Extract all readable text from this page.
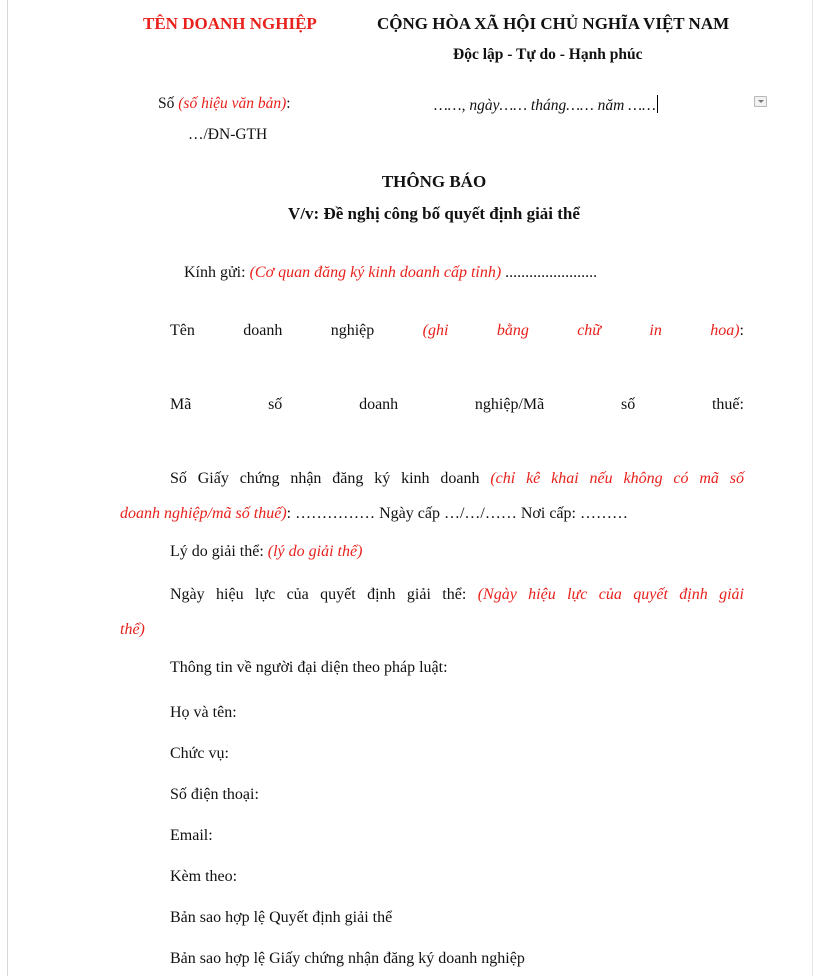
TÊN DOANH NGHIỆP	CỘNG HÒA XÃ HỘI CHỦ NGHĨA VIỆT NAM
Độc lập - Tự do - Hạnh phúc
Số (số hiệu văn bản):	……, ngày…… tháng…… năm ……
…/ĐN-GTH
THÔNG BÁO
V/v: Đề nghị công bố quyết định giải thể
Kính gửi: (Cơ quan đăng ký kinh doanh cấp tỉnh) .......................
Tên	doanh	nghiệp	(ghi	bằng	chữ	in	hoa):
Mã	số	doanh	nghiệp/Mã	số	thuế:
Số Giấy chứng nhận đăng ký kinh doanh (chỉ kê khai nếu không có mã số
doanh nghiệp/mã số thuế): …………… Ngày cấp …/…/…… Nơi cấp: ………
Lý do giải thể: (lý do giải thể)
Ngày hiệu lực của quyết định giải thể: (Ngày hiệu lực của quyết định giải
thể)
Thông tin về người đại diện theo pháp luật:
Họ và tên:
Chức vụ:
Số điện thoại:
Email:
Kèm theo:
Bản sao hợp lệ Quyết định giải thể
Bản sao hợp lệ Giấy chứng nhận đăng ký doanh nghiệp
